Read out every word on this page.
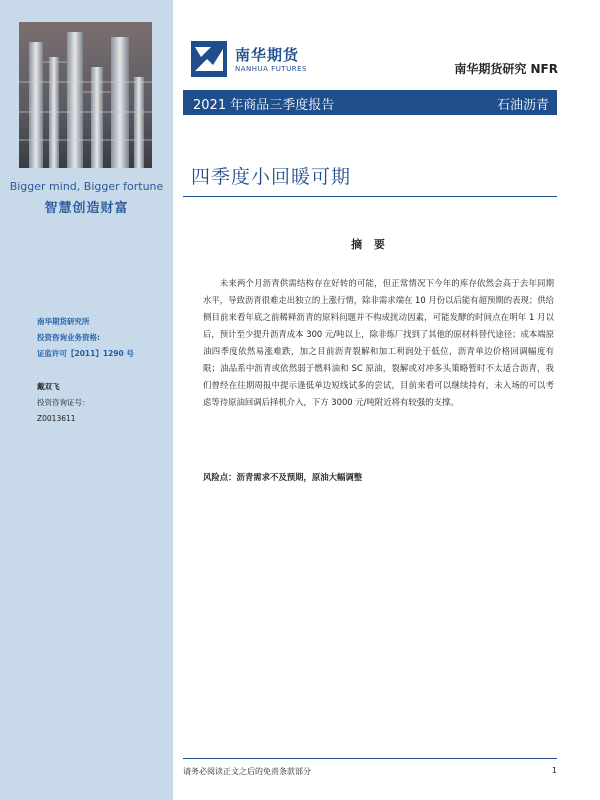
Bigger mind, Bigger fortune
智慧创造财富
南华期货研究所
投资咨询业务资格:
证监许可【2011】1290 号
戴双飞
投资咨询证号：
Z0013611
南华期货
NANHUA FUTURES	南华期货研究 NFR
2021 年商品三季度报告	石油沥青
四季度小回暖可期
摘 要
未来两个月沥青供需结构存在好转的可能，但正常情况下今年的库存依然会高于去年同期水平，导致沥青很难走出独立的上涨行情，除非需求端在 10 月份以后能有超预期的表现；供给侧目前来看年底之前稀释沥青的原料问题并不构成扰动因素，可能发酵的时间点在明年 1 月以后，预计至少提升沥青成本 300 元/吨以上，除非炼厂找到了其他的原材料替代途径；成本端原油四季度依然易涨难跌，加之目前沥青裂解和加工利润处于低位，沥青单边价格回调幅度有限；油品系中沥青或依然弱于燃料油和 SC 原油，裂解或对冲多头策略暂时不太适合沥青，我们曾经在往期周报中提示逢低单边短线试多的尝试，目前来看可以继续持有，未入场的可以考虑等待原油回调后择机介入，下方 3000 元/吨附近将有较强的支撑。
风险点：沥青需求不及预期，原油大幅调整
请务必阅读正文之后的免责条款部分	1
